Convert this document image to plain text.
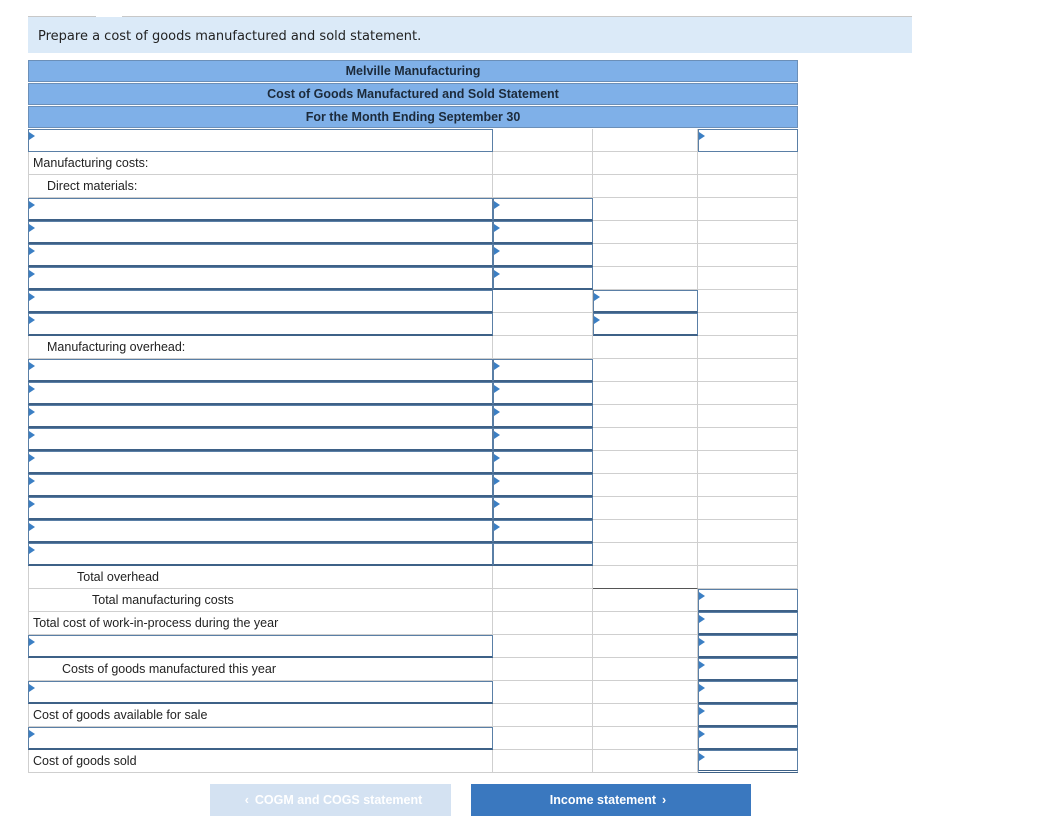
Prepare a cost of goods manufactured and sold statement.
Melville Manufacturing
Cost of Goods Manufactured and Sold Statement
For the Month Ending September 30
Manufacturing costs:
Direct materials:
Manufacturing overhead:
Total overhead
Total manufacturing costs
Total cost of work-in-process during the year
Costs of goods manufactured this year
Cost of goods available for sale
Cost of goods sold
‹ COGM and COGS statement	Income statement ›
